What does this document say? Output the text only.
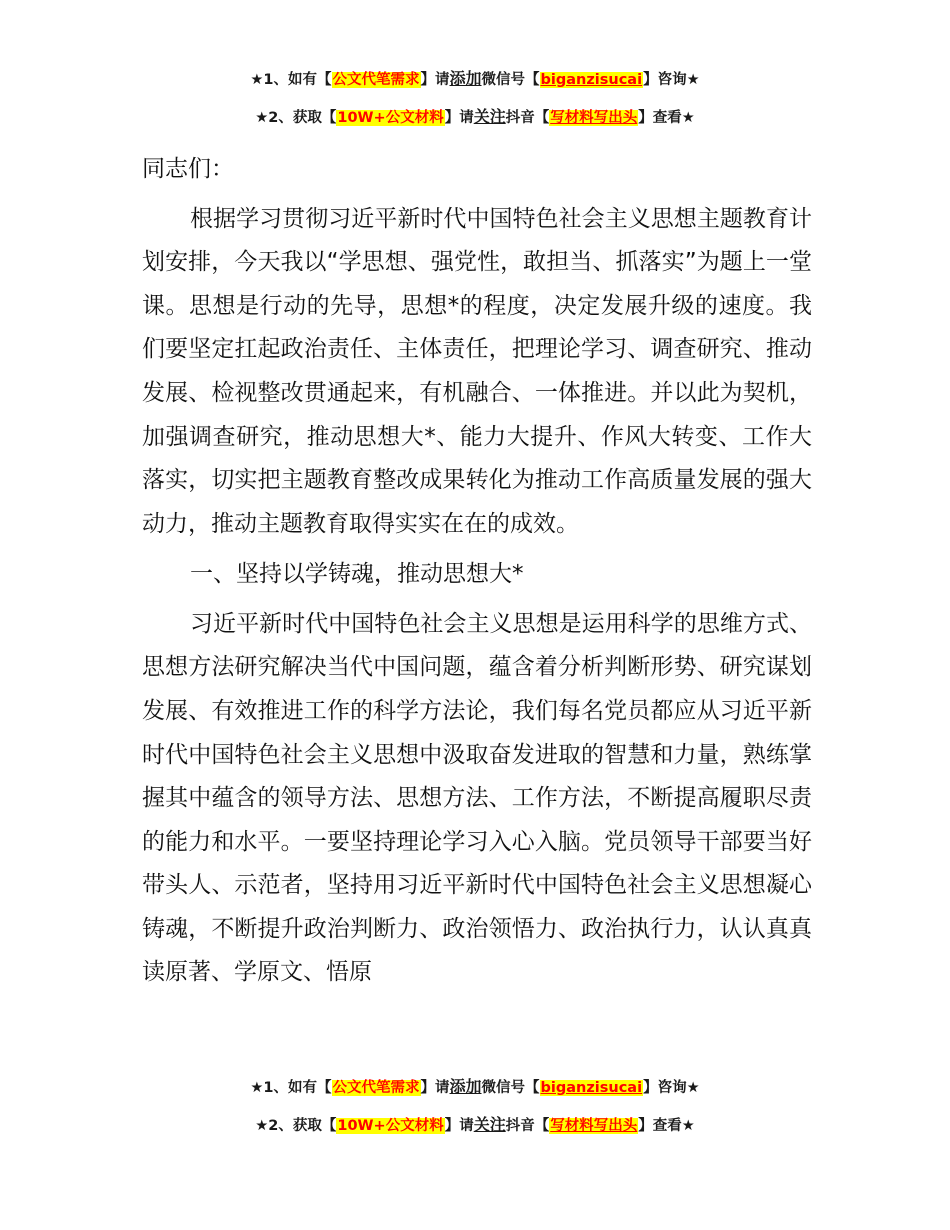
★1、如有【公文代笔需求】请添加微信号【biganzisucai】咨询★
★2、获取【10W+公文材料】请关注抖音【写材料写出头】查看★

同志们：

根据学习贯彻习近平新时代中国特色社会主义思想主题教育计划安排，今天我以“学思想、强党性，敢担当、抓落实”为题上一堂课。思想是行动的先导，思想*的程度，决定发展升级的速度。我们要坚定扛起政治责任、主体责任，把理论学习、调查研究、推动发展、检视整改贯通起来，有机融合、一体推进。并以此为契机，加强调查研究，推动思想大*、能力大提升、作风大转变、工作大落实，切实把主题教育整改成果转化为推动工作高质量发展的强大动力，推动主题教育取得实实在在的成效。

一、坚持以学铸魂，推动思想大*

习近平新时代中国特色社会主义思想是运用科学的思维方式、思想方法研究解决当代中国问题，蕴含着分析判断形势、研究谋划发展、有效推进工作的科学方法论，我们每名党员都应从习近平新时代中国特色社会主义思想中汲取奋发进取的智慧和力量，熟练掌握其中蕴含的领导方法、思想方法、工作方法，不断提高履职尽责的能力和水平。一要坚持理论学习入心入脑。党员领导干部要当好带头人、示范者，坚持用习近平新时代中国特色社会主义思想凝心铸魂，不断提升政治判断力、政治领悟力、政治执行力，认认真真读原著、学原文、悟原

★1、如有【公文代笔需求】请添加微信号【biganzisucai】咨询★
★2、获取【10W+公文材料】请关注抖音【写材料写出头】查看★
